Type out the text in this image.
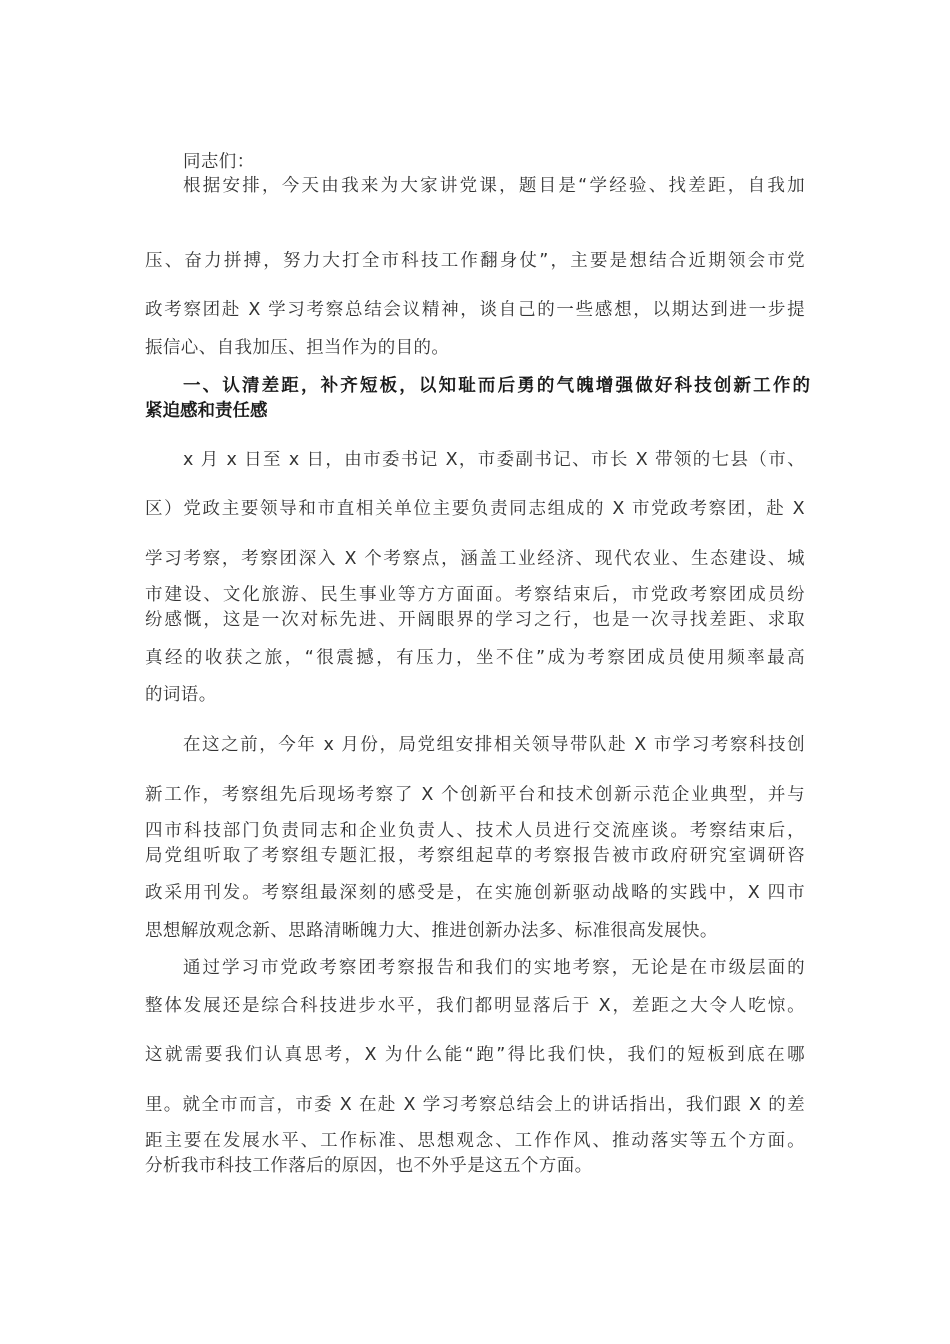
同志们：
根据安排，今天由我来为大家讲党课，题目是“学经验、找差距，自我加
压、奋力拼搏，努力大打全市科技工作翻身仗”，主要是想结合近期领会市党
政考察团赴 X 学习考察总结会议精神，谈自己的一些感想，以期达到进一步提
振信心、自我加压、担当作为的目的。
一、认清差距，补齐短板，以知耻而后勇的气魄增强做好科技创新工作的
紧迫感和责任感
x 月 x 日至 x 日，由市委书记 X，市委副书记、市长 X 带领的七县（市、
区）党政主要领导和市直相关单位主要负责同志组成的 X 市党政考察团，赴 X
学习考察，考察团深入 X 个考察点，涵盖工业经济、现代农业、生态建设、城
市建设、文化旅游、民生事业等方方面面。考察结束后，市党政考察团成员纷
纷感慨，这是一次对标先进、开阔眼界的学习之行，也是一次寻找差距、求取
真经的收获之旅，“很震撼，有压力，坐不住”成为考察团成员使用频率最高
的词语。
在这之前，今年 x 月份，局党组安排相关领导带队赴 X 市学习考察科技创
新工作，考察组先后现场考察了 X 个创新平台和技术创新示范企业典型，并与
四市科技部门负责同志和企业负责人、技术人员进行交流座谈。考察结束后，
局党组听取了考察组专题汇报，考察组起草的考察报告被市政府研究室调研咨
政采用刊发。考察组最深刻的感受是，在实施创新驱动战略的实践中，X 四市
思想解放观念新、思路清晰魄力大、推进创新办法多、标准很高发展快。
通过学习市党政考察团考察报告和我们的实地考察，无论是在市级层面的
整体发展还是综合科技进步水平，我们都明显落后于 X，差距之大令人吃惊。
这就需要我们认真思考，X 为什么能“跑”得比我们快，我们的短板到底在哪
里。就全市而言，市委 X 在赴 X 学习考察总结会上的讲话指出，我们跟 X 的差
距主要在发展水平、工作标准、思想观念、工作作风、推动落实等五个方面。
分析我市科技工作落后的原因，也不外乎是这五个方面。
